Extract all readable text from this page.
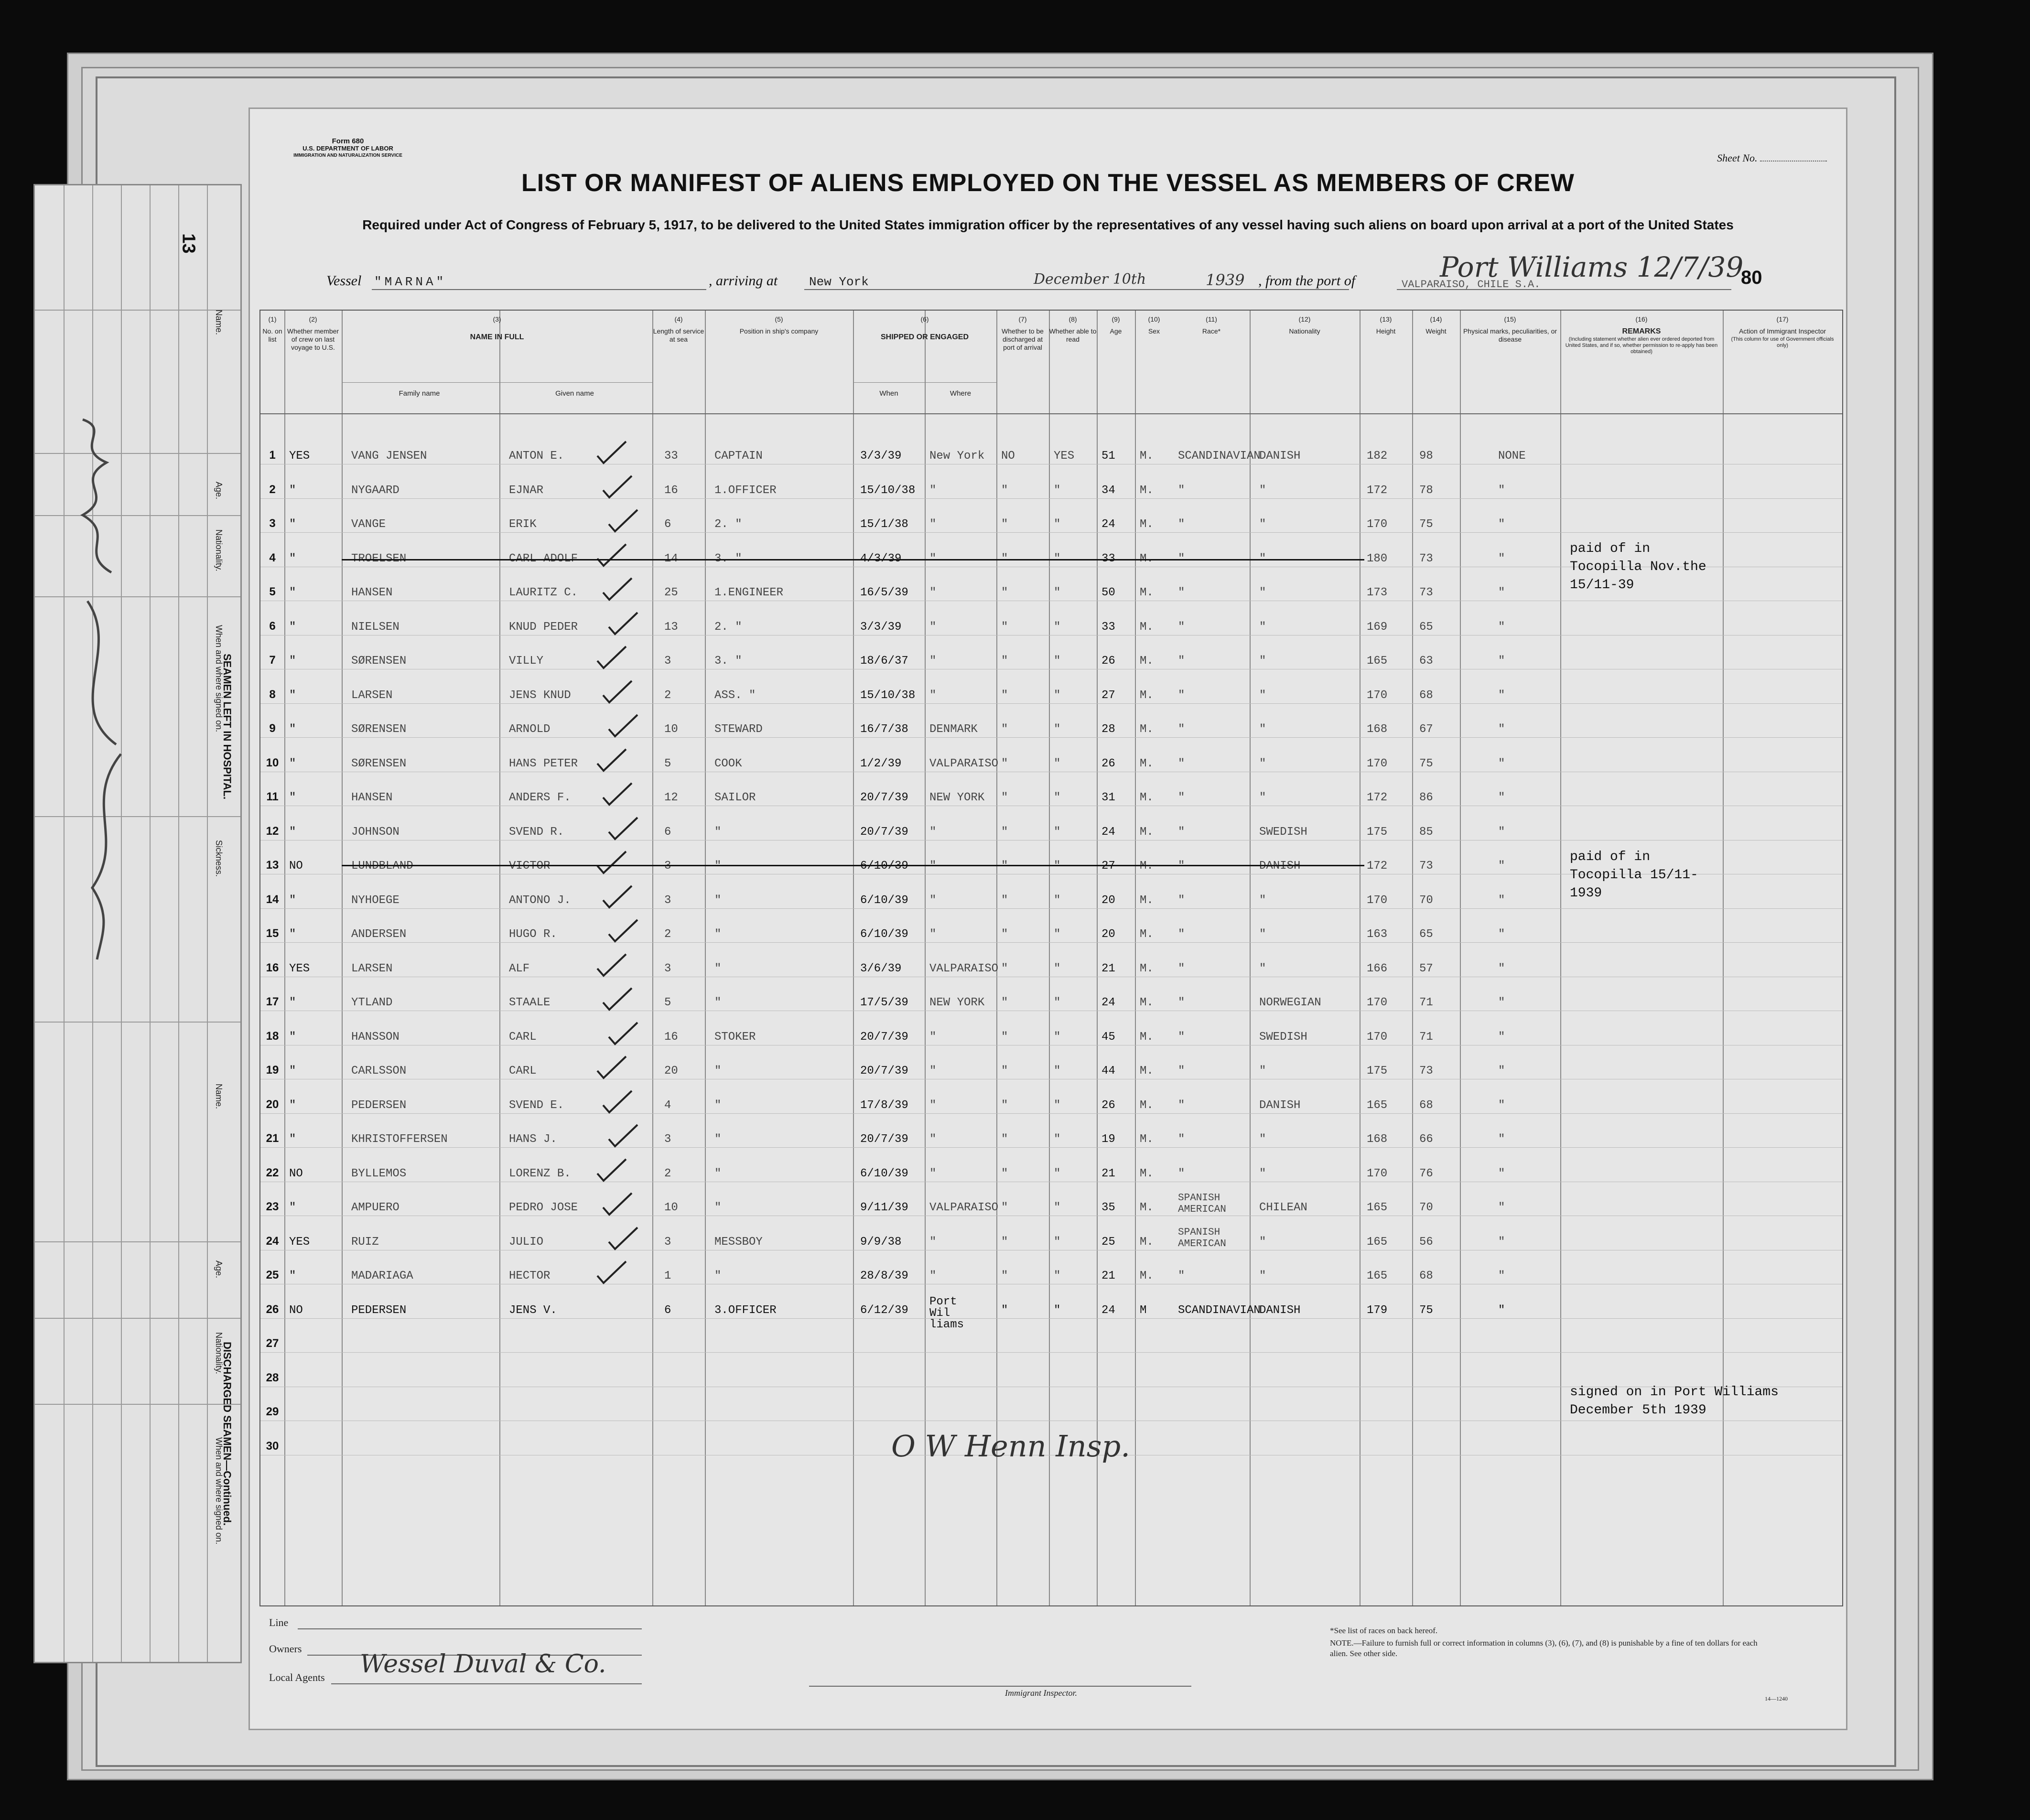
Form 680
U.S. DEPARTMENT OF LABOR
IMMIGRATION AND NATURALIZATION SERVICE	Sheet No.
LIST OR MANIFEST OF ALIENS EMPLOYED ON THE VESSEL AS MEMBERS OF CREW
Required under Act of Congress of February 5, 1917, to be delivered to the United States immigration officer by the representatives of any vessel having such aliens on board upon arrival at a port of the United States
Vessel "MARNA"	, arriving at	New York	December 10th	1939 , from the port of	VALPARAISO, CHILE S.A.
Port Williams 12/7/39
80
(1)
No. on list
(2)
Whether member of crew on last voyage to U.S.
(3)
NAME IN FULL
Family name	Given name
(4)
Length of service at sea
(5)
Position in ship's company
(6)
SHIPPED OR ENGAGED
When	Where
(7)
Whether to be discharged at port of arrival
(8)
Whether able to read
(9)
Age
(10)
Sex
(11)
Race*
(12)
Nationality
(13)
Height
(14)
Weight
(15)
Physical marks, peculiarities, or disease
(16)
REMARKS
(Including statement whether alien ever ordered deported from United States, and if so, whether permission to re-apply has been obtained)
(17)
Action of Immigrant Inspector
(This column for use of Government officials only)
1	YES	VANG JENSEN	ANTON E.	33	CAPTAIN	3/3/39 New York NO	YES 51 M. SCANDINAVIAN
DANISH	182	98	NONE
2	"	NYGAARD	EJNAR	16	1.OFFICER	15/10/38 "	"	"	34 M. "	"	172	78	"
3	"	VANGE	ERIK	6	2. "	15/1/38 "	"	"	24 M. "	"	170	75	"
4	"	TROELSEN	CARL ADOLF	14	3. "	4/3/39 "	"	"	33 M. "	"	180	73	"
5	"	HANSEN	LAURITZ C.	25	1.ENGINEER	16/5/39 "	"	"	50 M. "	"	173	73	"
6	"	NIELSEN	KNUD PEDER	13	2. "	3/3/39 "	"	"	33 M. "	"	169	65	"
7	"	SØRENSEN	VILLY	3	3. "	18/6/37 "	"	"	26 M. "	"	165	63	"
8	"	LARSEN	JENS KNUD	2	ASS. "	15/10/38 "	"	"	27 M. "	"	170	68	"
9	"	SØRENSEN	ARNOLD	10	STEWARD	16/7/38 DENMARK "	"	28 M. "	"	168	67	"
10 "	SØRENSEN	HANS PETER	5	COOK	1/2/39 VALPARAISO "	"	26 M. "	"	170	75	"
11 "	HANSEN	ANDERS F.	12	SAILOR	20/7/39 NEW YORK "	"	31 M. "	"	172	86	"
12 "	JOHNSON	SVEND R.	6	"	20/7/39 "	"	"	24 M. "	SWEDISH	175	85	"
13 NO	LUNDBLAND	VICTOR	3	"	6/10/39 "	"	"	27 M. "	DANISH	172	73	"
14 "	NYHOEGE	ANTONO J.	3	"	6/10/39 "	"	"	20 M. "	"	170	70	"
15 "	ANDERSEN	HUGO R.	2	"	6/10/39 "	"	"	20 M. "	"	163	65	"
16 YES	LARSEN	ALF	3	"	3/6/39 VALPARAISO "	"	21 M. "	"	166	57	"
17 "	YTLAND	STAALE	5	"	17/5/39 NEW YORK "	"	24 M. "	NORWEGIAN	170	71	"
18 "	HANSSON	CARL	16	STOKER	20/7/39 "	"	"	45 M. "	SWEDISH	170	71	"
19 "	CARLSSON	CARL	20	"	20/7/39 "	"	"	44 M. "	"	175	73	"
20 "	PEDERSEN	SVEND E.	4	"	17/8/39 "	"	"	26 M. "	DANISH	165	68	"
21 "	KHRISTOFFERSEN	HANS J.	3	"	20/7/39 "	"	"	19 M. "	"	168	66	"
22 NO	BYLLEMOS	LORENZ B.	2	"	6/10/39 "	"	"	21 M. "	"	170	76	"
23 "	AMPUERO	PEDRO JOSE	10	"	9/11/39 VALPARAISO "	"	35 M.
SPANISH AMERICAN	CHILEAN	165	70	"
24 YES	RUIZ	JULIO	3	MESSBOY	9/9/38 "	"	"	25 M.
SPANISH AMERICAN	"	165	56	"
25 "	MADARIAGA	HECTOR	1	"	28/8/39 "	"	"	21 M. "	"	165	68	"
26 NO	PEDERSEN	JENS V.	6	3.OFFICER	6/12/39
Port Wil liams
"	"	24 M	SCANDINAVIAN
DANISH	179	75	"
27
28
29
30
paid of in Tocopilla Nov.the 15/11-39
paid of in Tocopilla 15/11-1939
signed on in Port Williams December 5th 1939
O W Henn Insp.
Line
Owners
Local Agents Wessel Duval & Co.
Immigrant Inspector.
*See list of races on back hereof.
NOTE.—Failure to furnish full or correct information in columns (3), (6), (7), and (8) is punishable by a fine of ten dollars for each alien. See other side.
14—1240
13
SEAMEN LEFT IN HOSPITAL.
DISCHARGED SEAMEN—Continued.
Name.
Age.
Nationality.
When and where signed on.
Sickness.
Name.
Age.
Nationality.
When and where signed on.
